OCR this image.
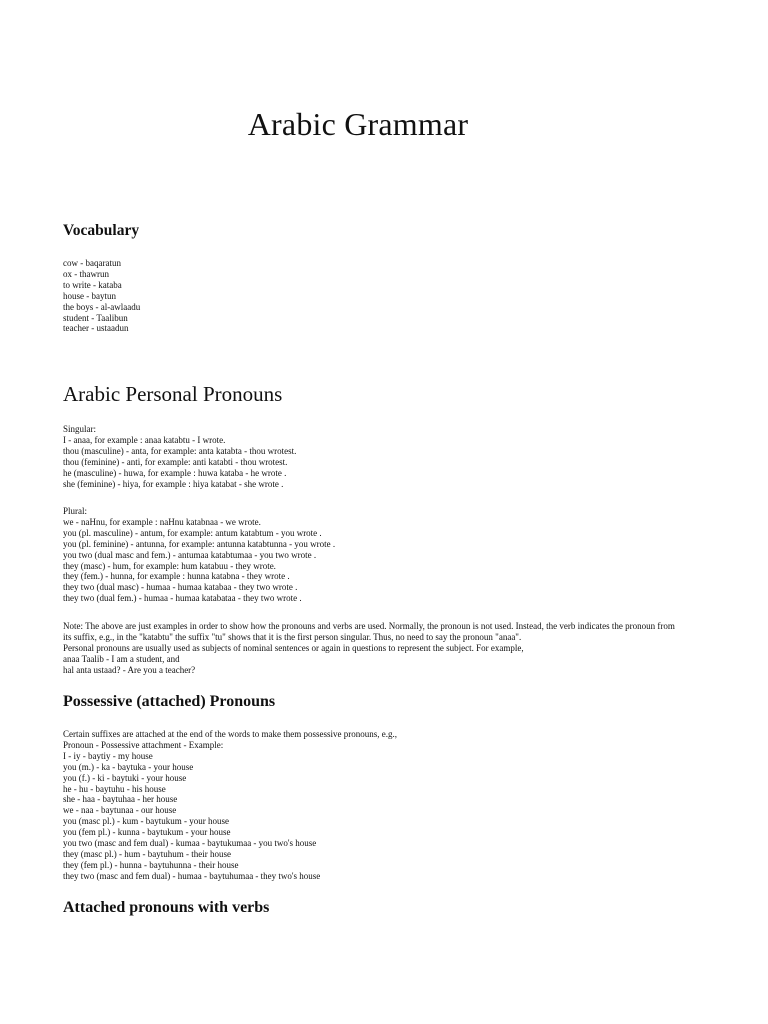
Arabic Grammar
Vocabulary
cow - baqaratun
ox - thawrun
to write - kataba
house - baytun
the boys - al-awlaadu
student - Taalibun
teacher - ustaadun
Arabic Personal Pronouns
Singular:
I - anaa, for example : anaa katabtu - I wrote.
thou (masculine) - anta, for example: anta katabta - thou wrotest.
thou (feminine) - anti, for example: anti katabti - thou wrotest.
he (masculine) - huwa, for example : huwa kataba - he wrote .
she (feminine) - hiya, for example : hiya katabat - she wrote .
Plural:
we - naHnu, for example : naHnu katabnaa - we wrote.
you (pl. masculine) - antum, for example: antum katabtum - you wrote .
you (pl. feminine) - antunna, for example: antunna katabtunna - you wrote .
you two (dual masc and fem.) - antumaa katabtumaa - you two wrote .
they (masc) - hum, for example: hum katabuu - they wrote.
they (fem.) - hunna, for example : hunna katabna - they wrote .
they two (dual masc) - humaa - humaa katabaa - they two wrote .
they two (dual fem.) - humaa - humaa katabataa - they two wrote .
Note: The above are just examples in order to show how the pronouns and verbs are used. Normally, the pronoun is not used. Instead, the verb indicates the pronoun from
its suffix, e.g., in the "katabtu" the suffix "tu" shows that it is the first person singular. Thus, no need to say the pronoun "anaa".
Personal pronouns are usually used as subjects of nominal sentences or again in questions to represent the subject. For example,
anaa Taalib - I am a student, and
hal anta ustaad? - Are you a teacher?
Possessive (attached) Pronouns
Certain suffixes are attached at the end of the words to make them possessive pronouns, e.g.,
Pronoun - Possessive attachment - Example:
I - iy - baytiy - my house
you (m.) - ka - baytuka - your house
you (f.) - ki - baytuki - your house
he - hu - baytuhu - his house
she - haa - baytuhaa - her house
we - naa - baytunaa - our house
you (masc pl.) - kum - baytukum - your house
you (fem pl.) - kunna - baytukum - your house
you two (masc and fem dual) - kumaa - baytukumaa - you two's house
they (masc pl.) - hum - baytuhum - their house
they (fem pl.) - hunna - baytuhunna - their house
they two (masc and fem dual) - humaa - baytuhumaa - they two's house
Attached pronouns with verbs
